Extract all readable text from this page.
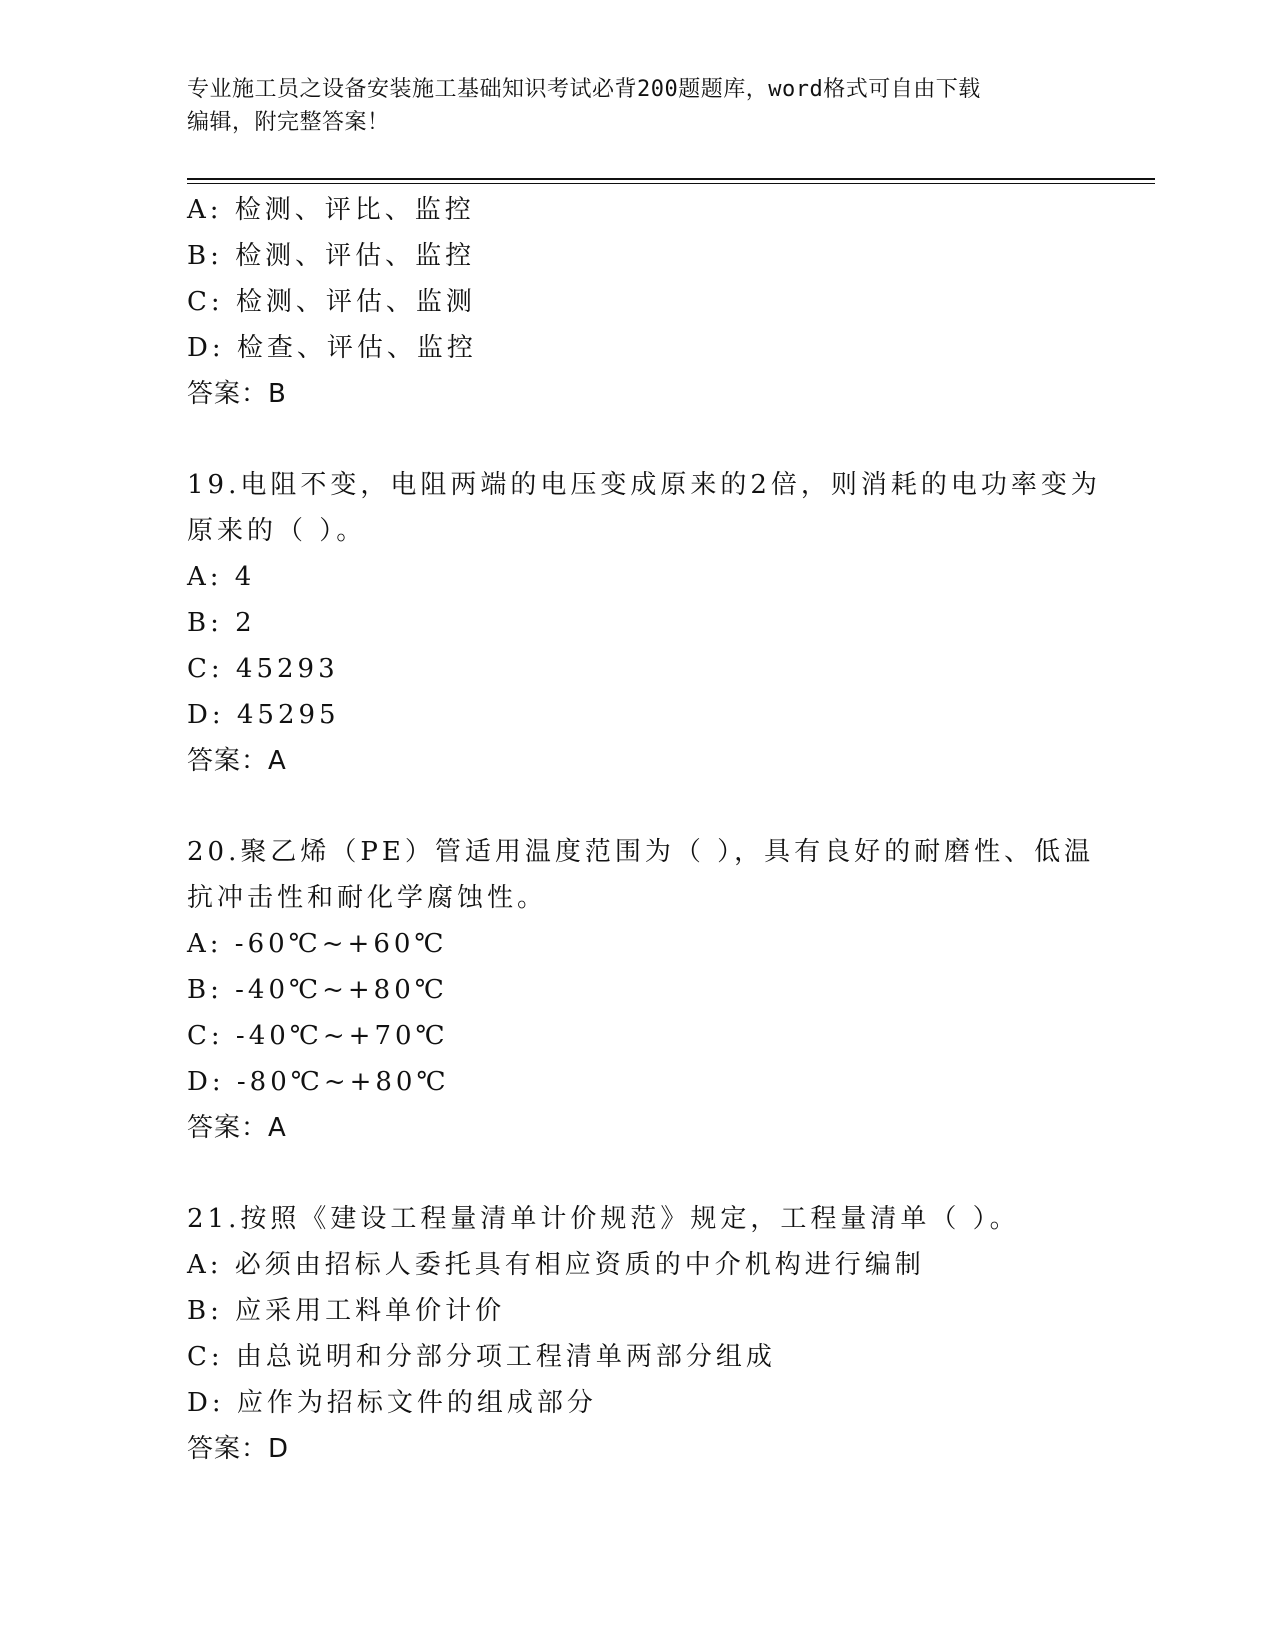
专业施工员之设备安装施工基础知识考试必背200题题库，word格式可自由下载
编辑，附完整答案！
A: 检测、评比、监控
B: 检测、评估、监控
C: 检测、评估、监测
D: 检查、评估、监控
答案：B
19.电阻不变，电阻两端的电压变成原来的2倍，则消耗的电功率变为
原来的（ ）。
A: 4
B: 2
C: 45293
D: 45295
答案：A
20.聚乙烯（PE）管适用温度范围为（ ），具有良好的耐磨性、低温
抗冲击性和耐化学腐蚀性。
A: -60℃~+60℃
B: -40℃~+80℃
C: -40℃~+70℃
D: -80℃~+80℃
答案：A
21.按照《建设工程量清单计价规范》规定，工程量清单（ ）。
A: 必须由招标人委托具有相应资质的中介机构进行编制
B: 应采用工料单价计价
C: 由总说明和分部分项工程清单两部分组成
D: 应作为招标文件的组成部分
答案：D
